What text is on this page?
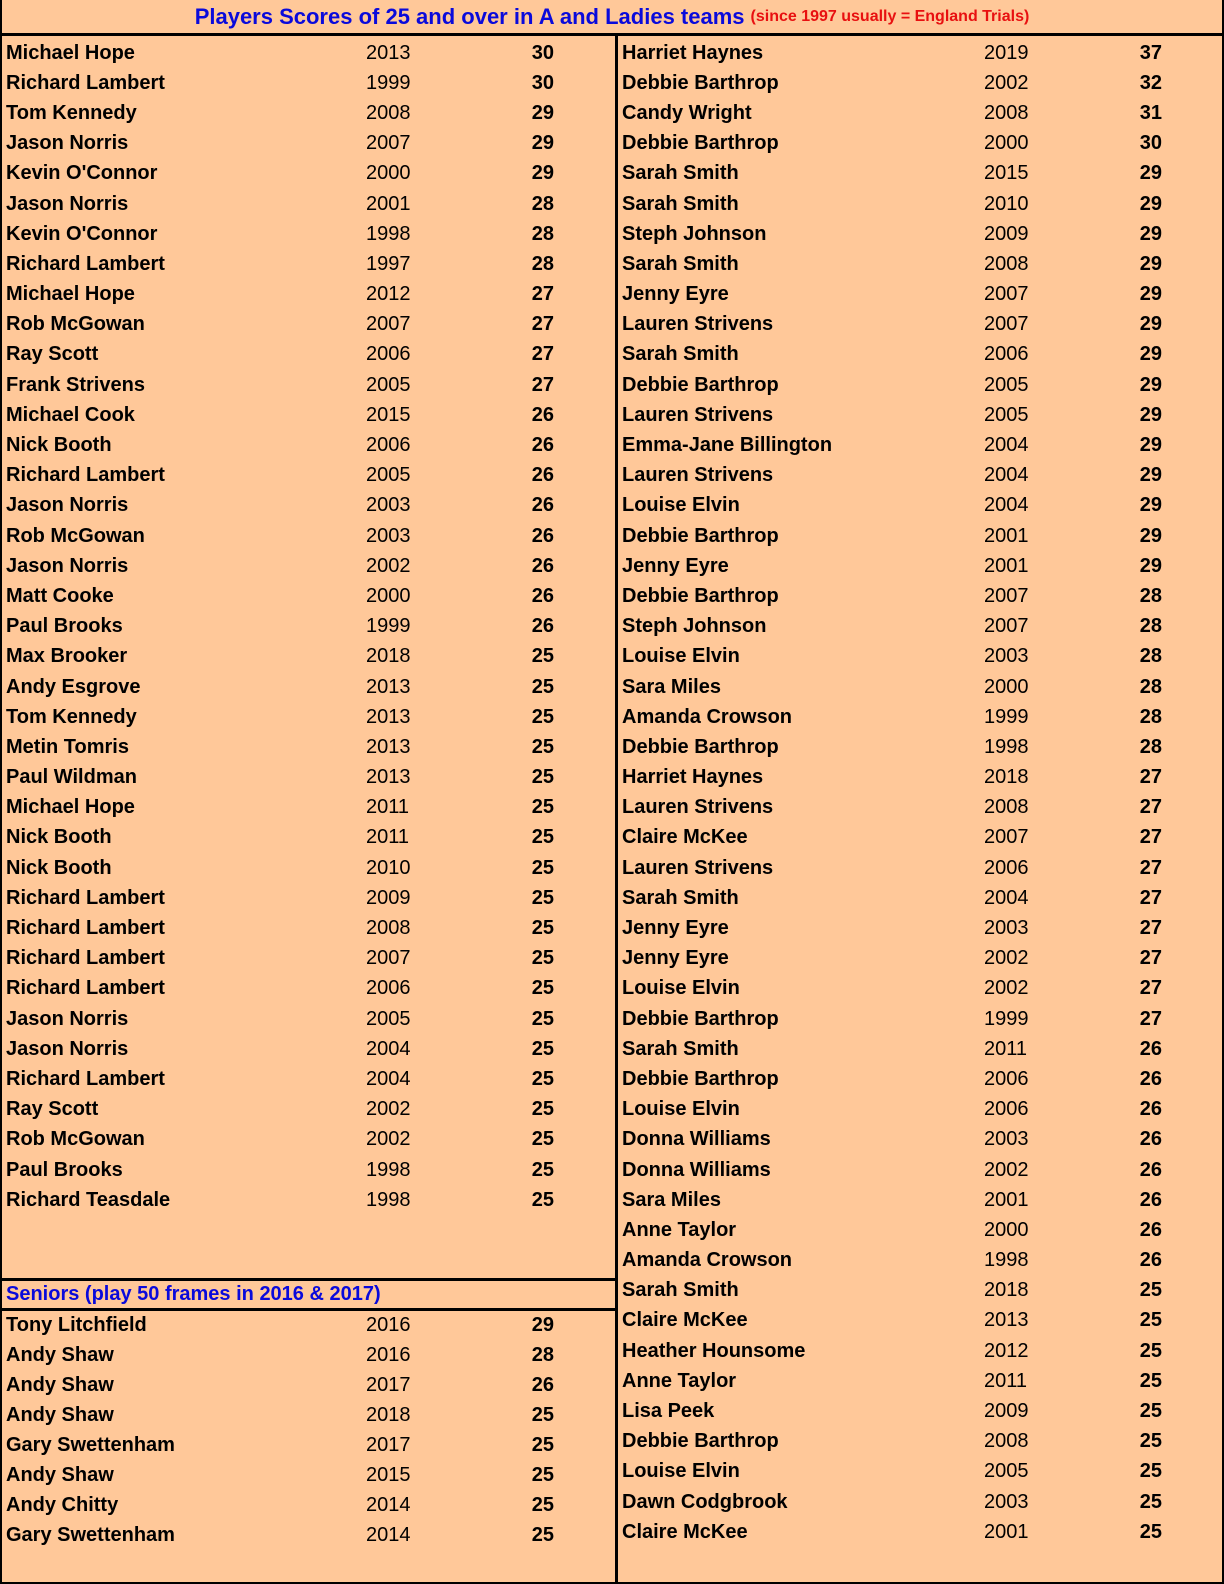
Players Scores of 25 and over in A and Ladies teams (since 1997 usually = England Trials)
Michael Hope	2013	30
Richard Lambert	1999	30
Tom Kennedy	2008	29
Jason Norris	2007	29
Kevin O'Connor	2000	29
Jason Norris	2001	28
Kevin O'Connor	1998	28
Richard Lambert	1997	28
Michael Hope	2012	27
Rob McGowan	2007	27
Ray Scott	2006	27
Frank Strivens	2005	27
Michael Cook	2015	26
Nick Booth	2006	26
Richard Lambert	2005	26
Jason Norris	2003	26
Rob McGowan	2003	26
Jason Norris	2002	26
Matt Cooke	2000	26
Paul Brooks	1999	26
Max Brooker	2018	25
Andy Esgrove	2013	25
Tom Kennedy	2013	25
Metin Tomris	2013	25
Paul Wildman	2013	25
Michael Hope	2011	25
Nick Booth	2011	25
Nick Booth	2010	25
Richard Lambert	2009	25
Richard Lambert	2008	25
Richard Lambert	2007	25
Richard Lambert	2006	25
Jason Norris	2005	25
Jason Norris	2004	25
Richard Lambert	2004	25
Ray Scott	2002	25
Rob McGowan	2002	25
Paul Brooks	1998	25
Richard Teasdale	1998	25
Seniors (play 50 frames in 2016 & 2017)
Tony Litchfield	2016	29
Andy Shaw	2016	28
Andy Shaw	2017	26
Andy Shaw	2018	25
Gary Swettenham	2017	25
Andy Shaw	2015	25
Andy Chitty	2014	25
Gary Swettenham	2014	25
Harriet Haynes	2019	37
Debbie Barthrop	2002	32
Candy Wright	2008	31
Debbie Barthrop	2000	30
Sarah Smith	2015	29
Sarah Smith	2010	29
Steph Johnson	2009	29
Sarah Smith	2008	29
Jenny Eyre	2007	29
Lauren Strivens	2007	29
Sarah Smith	2006	29
Debbie Barthrop	2005	29
Lauren Strivens	2005	29
Emma-Jane Billington	2004	29
Lauren Strivens	2004	29
Louise Elvin	2004	29
Debbie Barthrop	2001	29
Jenny Eyre	2001	29
Debbie Barthrop	2007	28
Steph Johnson	2007	28
Louise Elvin	2003	28
Sara Miles	2000	28
Amanda Crowson	1999	28
Debbie Barthrop	1998	28
Harriet Haynes	2018	27
Lauren Strivens	2008	27
Claire McKee	2007	27
Lauren Strivens	2006	27
Sarah Smith	2004	27
Jenny Eyre	2003	27
Jenny Eyre	2002	27
Louise Elvin	2002	27
Debbie Barthrop	1999	27
Sarah Smith	2011	26
Debbie Barthrop	2006	26
Louise Elvin	2006	26
Donna Williams	2003	26
Donna Williams	2002	26
Sara Miles	2001	26
Anne Taylor	2000	26
Amanda Crowson	1998	26
Sarah Smith	2018	25
Claire McKee	2013	25
Heather Hounsome	2012	25
Anne Taylor	2011	25
Lisa Peek	2009	25
Debbie Barthrop	2008	25
Louise Elvin	2005	25
Dawn Codgbrook	2003	25
Claire McKee	2001	25
